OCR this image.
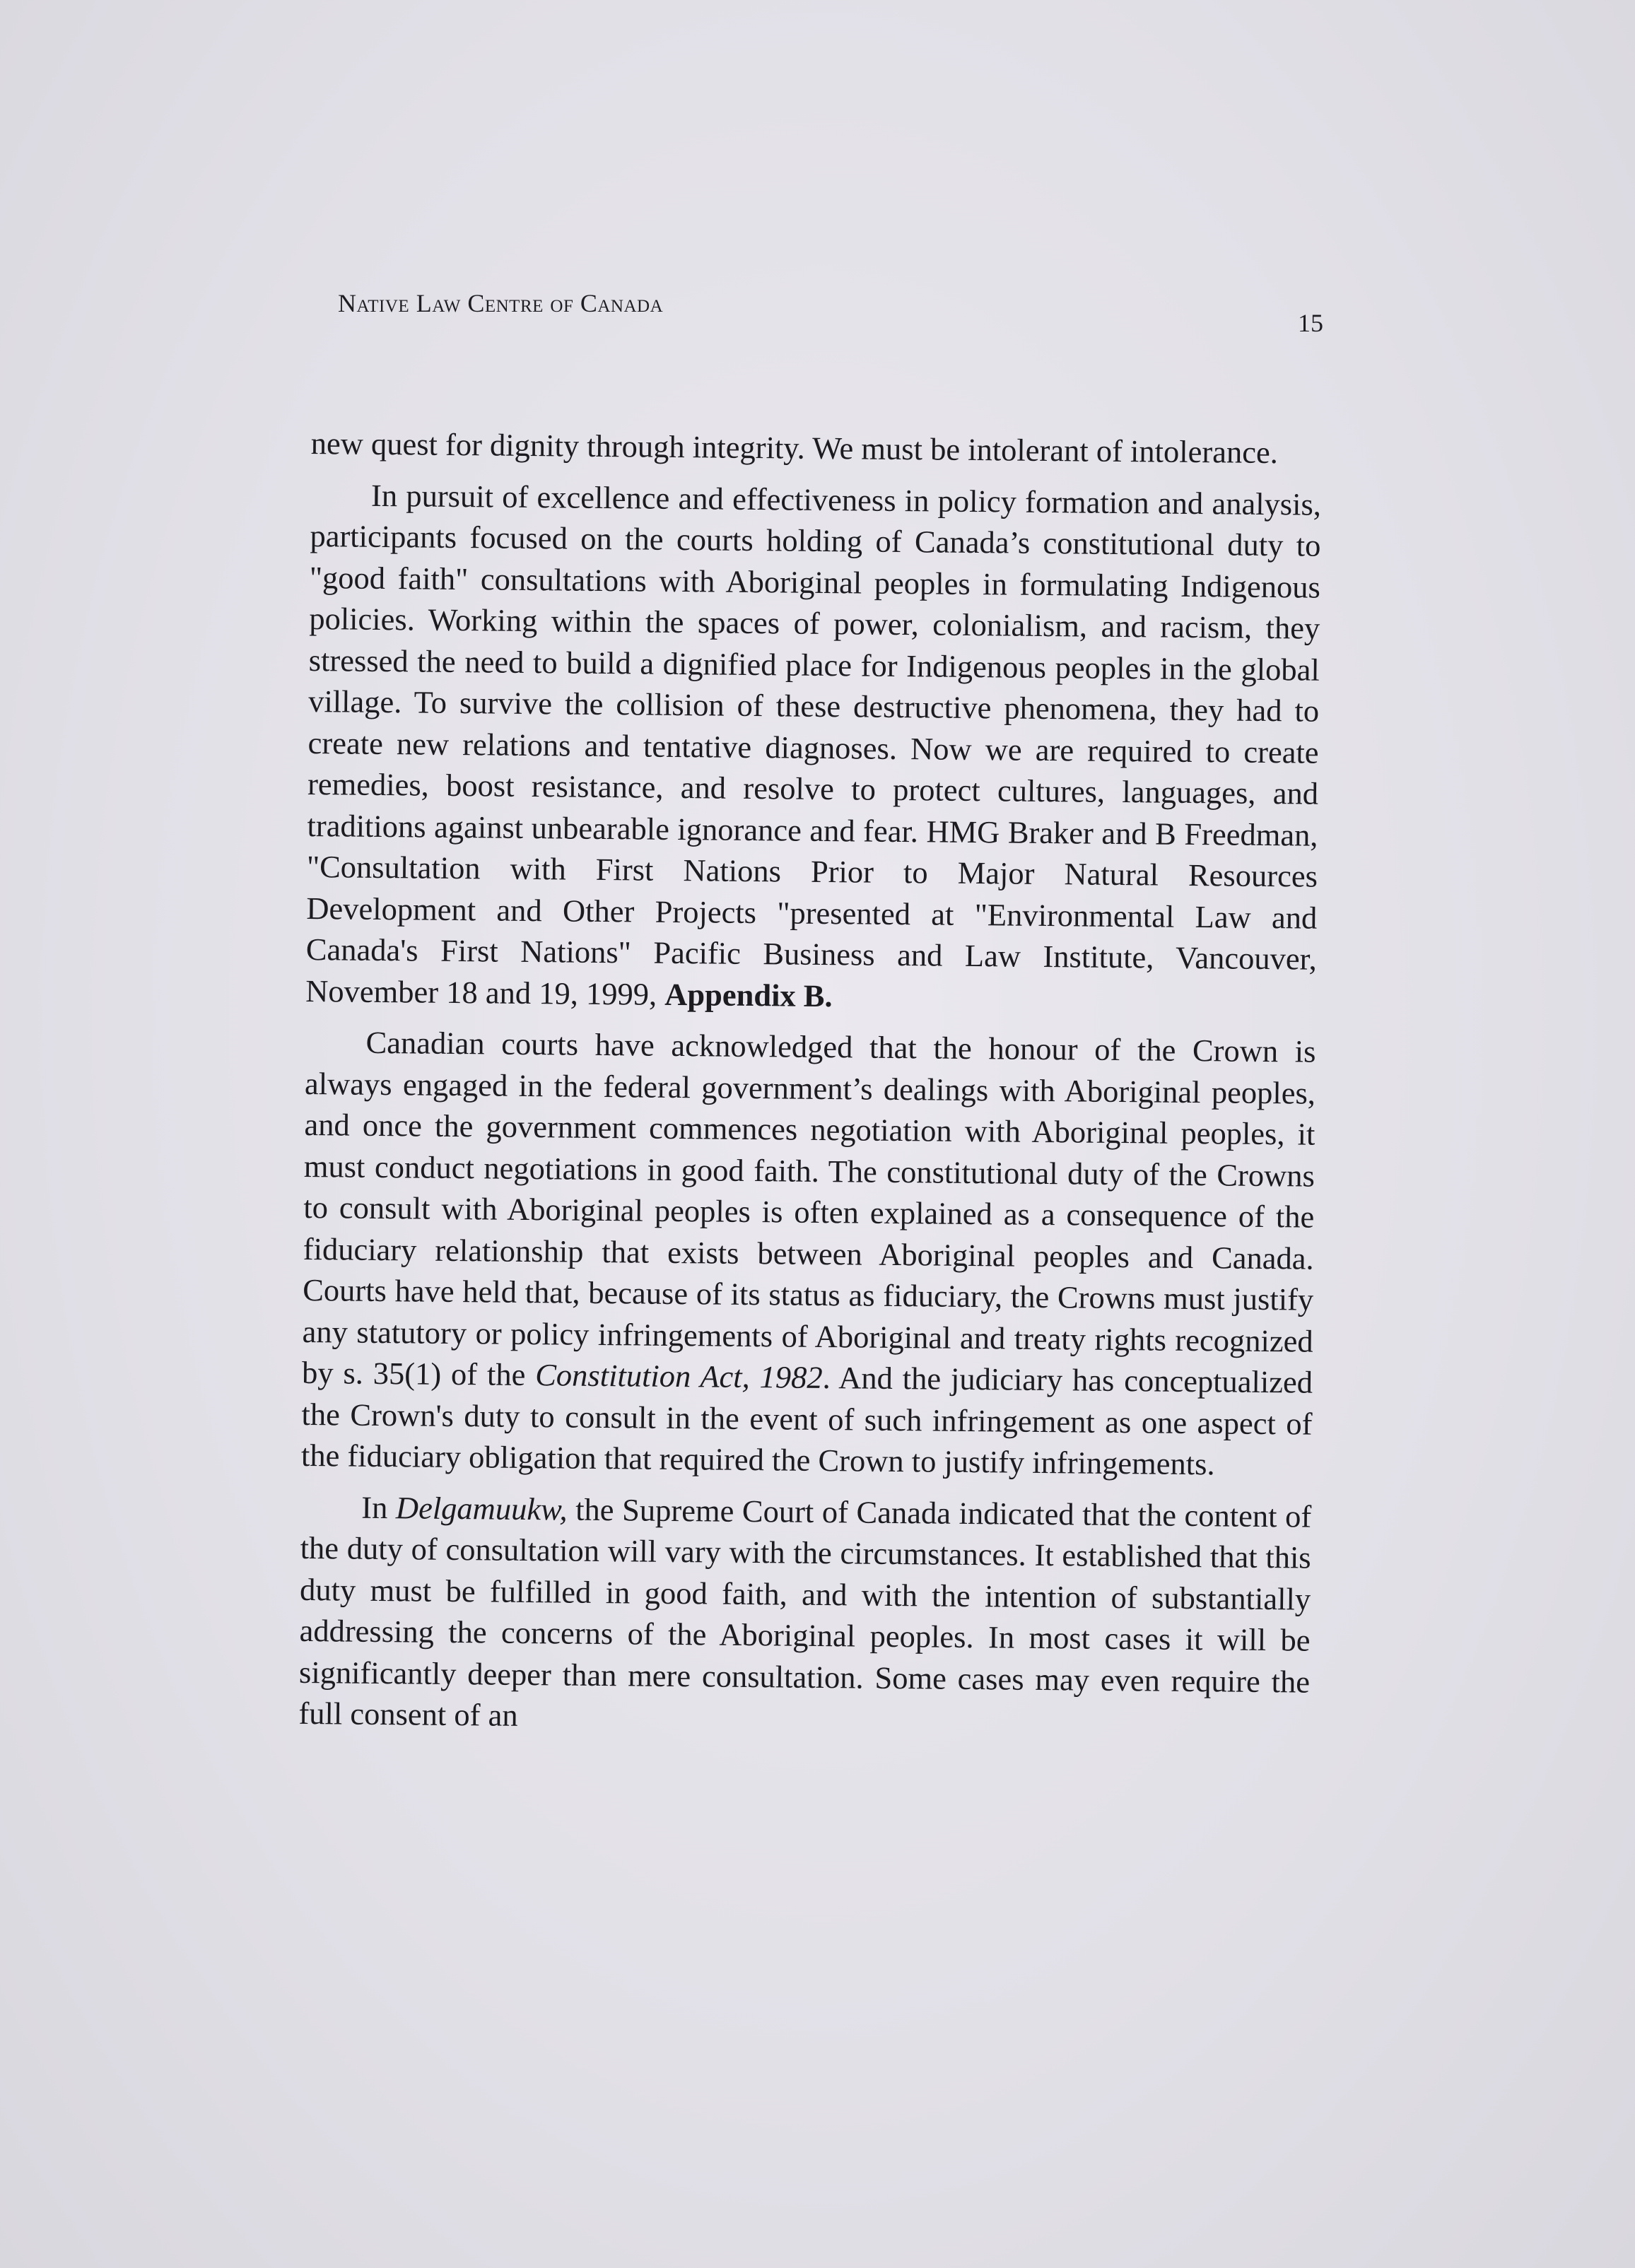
Native Law Centre of Canada
15

new quest for dignity through integrity. We must be intolerant of intolerance.

In pursuit of excellence and effectiveness in policy formation and analysis, participants focused on the courts holding of Canada’s constitutional duty to "good faith" consultations with Aboriginal peoples in formulating Indigenous policies. Working within the spaces of power, colonialism, and racism, they stressed the need to build a dignified place for Indigenous peoples in the global village. To survive the collision of these destructive phenomena, they had to create new relations and tentative diagnoses. Now we are required to create remedies, boost resistance, and resolve to protect cultures, languages, and traditions against unbearable ignorance and fear. HMG Braker and B Freedman, "Consultation with First Nations Prior to Major Natural Resources Development and Other Projects "presented at "Environmental Law and Canada's First Nations" Pacific Business and Law Institute, Vancouver, November 18 and 19, 1999, Appendix B.

Canadian courts have acknowledged that the honour of the Crown is always engaged in the federal government’s dealings with Aboriginal peoples, and once the government commences negotiation with Aboriginal peoples, it must conduct negotiations in good faith. The constitutional duty of the Crowns to consult with Aboriginal peoples is often explained as a consequence of the fiduciary relationship that exists between Aboriginal peoples and Canada. Courts have held that, because of its status as fiduciary, the Crowns must justify any statutory or policy infringements of Aboriginal and treaty rights recognized by s. 35(1) of the Constitution Act, 1982. And the judiciary has conceptualized the Crown's duty to consult in the event of such infringement as one aspect of the fiduciary obligation that required the Crown to justify infringements.

In Delgamuukw, the Supreme Court of Canada indicated that the content of the duty of consultation will vary with the circumstances. It established that this duty must be fulfilled in good faith, and with the intention of substantially addressing the concerns of the Aboriginal peoples. In most cases it will be significantly deeper than mere consultation. Some cases may even require the full consent of an
